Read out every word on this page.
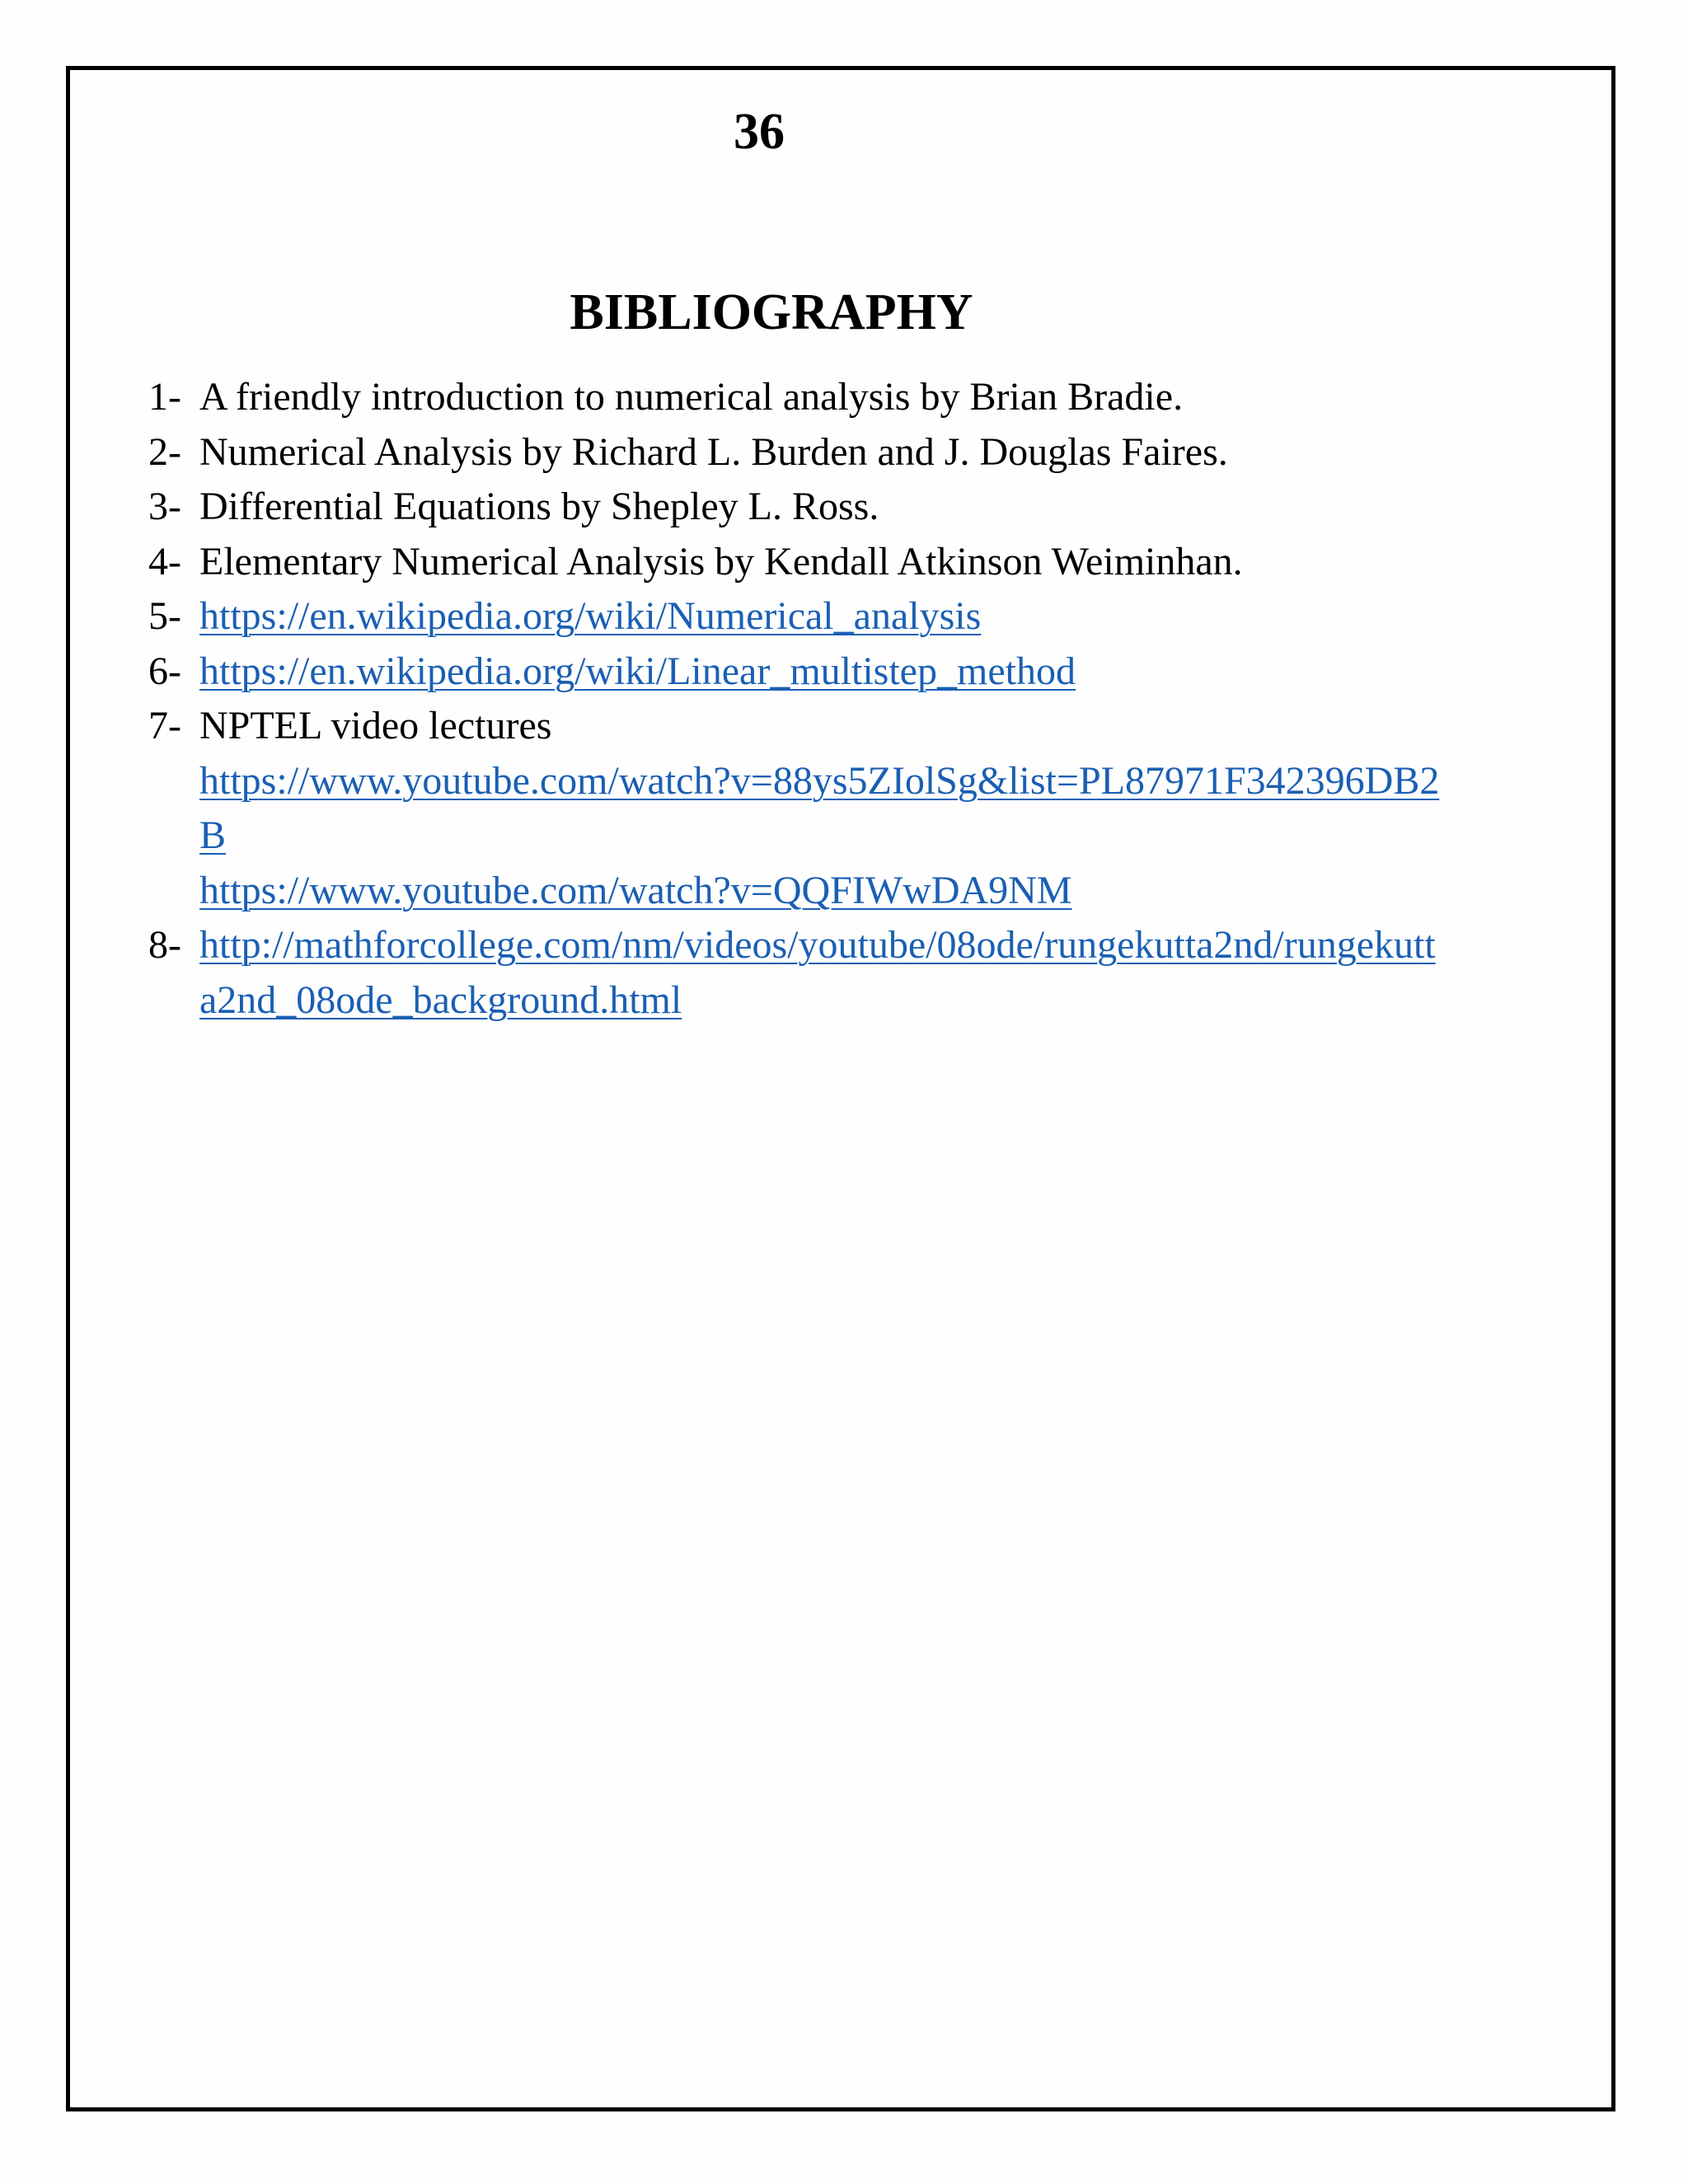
36
BIBLIOGRAPHY
1- A friendly introduction to numerical analysis by Brian Bradie.
2- Numerical Analysis by Richard L. Burden and J. Douglas Faires.
3- Differential Equations by Shepley L. Ross.
4- Elementary Numerical Analysis by Kendall Atkinson Weiminhan.
5- https://en.wikipedia.org/wiki/Numerical_analysis
6- https://en.wikipedia.org/wiki/Linear_multistep_method
7- NPTEL video lectures
https://www.youtube.com/watch?v=88ys5ZIolSg&list=PL87971F342396DB2
B
https://www.youtube.com/watch?v=QQFIWwDA9NM
8- http://mathforcollege.com/nm/videos/youtube/08ode/rungekutta2nd/rungekutt
a2nd_08ode_background.html
